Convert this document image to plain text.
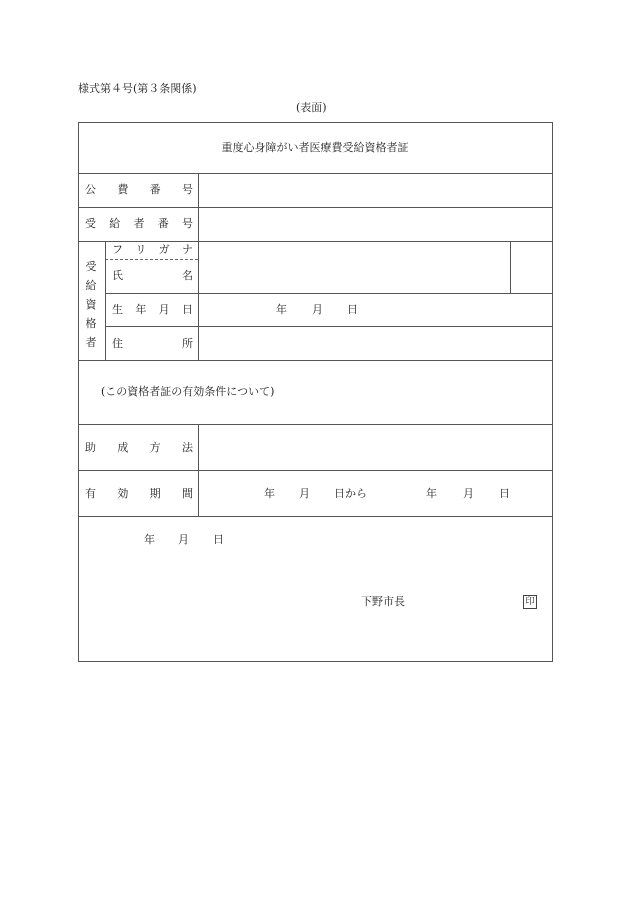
様式第４号(第３条関係)
(表面)
重度心身障がい者医療費受給資格者証
公 費 番 号
受 給 者 番 号
受
給
資
格
者
フ リ ガ ナ
氏	名
生 年 月 日	年 月 日
住	所
(この資格者証の有効条件について)
助 成 方 法
有 効 期 間	年 月 日から	年 月 日
年 月 日
下野市長	印
